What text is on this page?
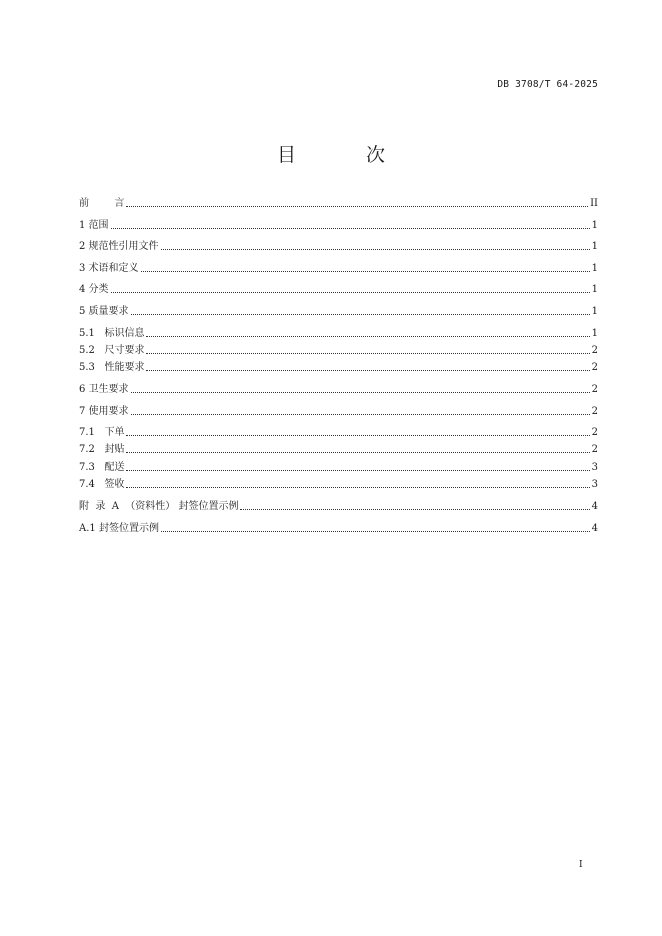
DB 3708/T 64-2025
目 次
前        言	II
1 范围	1
2 规范性引用文件	1
3 术语和定义	1
4 分类	1
5 质量要求	1
5.1   标识信息	1
5.2   尺寸要求	2
5.3   性能要求	2
6 卫生要求	2
7 使用要求	2
7.1   下单	2
7.2   封贴	2
7.3   配送	3
7.4   签收	3
附  录  A  （资料性） 封签位置示例	4
A.1 封签位置示例	4
I
